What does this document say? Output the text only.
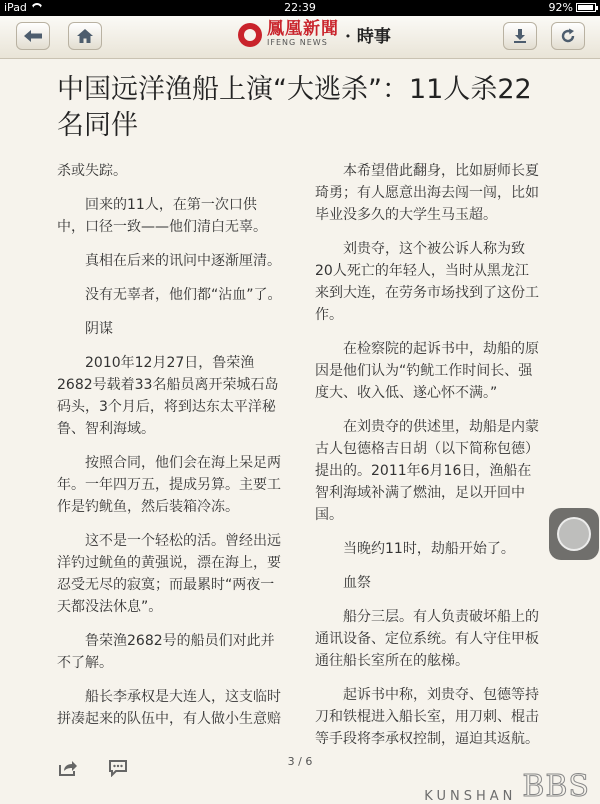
iPad	22:39	92%
鳳凰新聞
IFENG NEWS	· 時事
中国远洋渔船上演“大逃杀”：11人杀22名同伴

杀或失踪。

回来的11人，在第一次口供中，口径一致——他们清白无辜。

真相在后来的讯问中逐渐厘清。

没有无辜者，他们都“沾血”了。

阴谋

2010年12月27日，鲁荣渔2682号载着33名船员离开荣城石岛码头，3个月后，将到达东太平洋秘鲁、智利海域。

按照合同，他们会在海上呆足两年。一年四万五，提成另算。主要工作是钓鱿鱼，然后装箱冷冻。

这不是一个轻松的活。曾经出远洋钓过鱿鱼的黄强说，漂在海上，要忍受无尽的寂寞；而最累时“两夜一天都没法休息”。

鲁荣渔2682号的船员们对此并不了解。

船长李承权是大连人，这支临时拼凑起来的队伍中，有人做小生意赔

本希望借此翻身，比如厨师长夏琦勇；有人愿意出海去闯一闯，比如毕业没多久的大学生马玉超。

刘贵夺，这个被公诉人称为致20人死亡的年轻人，当时从黑龙江来到大连，在劳务市场找到了这份工作。

在检察院的起诉书中，劫船的原因是他们认为“钓鱿工作时间长、强度大、收入低、遂心怀不满。”

在刘贵夺的供述里，劫船是内蒙古人包德格吉日胡（以下简称包德）提出的。2011年6月16日，渔船在智利海域补满了燃油，足以开回中国。

当晚约11时，劫船开始了。

血祭

船分三层。有人负责破坏船上的通讯设备、定位系统。有人守住甲板通往船长室所在的舷梯。

起诉书中称，刘贵夺、包德等持刀和铁棍进入船长室，用刀刺、棍击等手段将李承权控制，逼迫其返航。

3 / 6
KUNSHAN BBS
